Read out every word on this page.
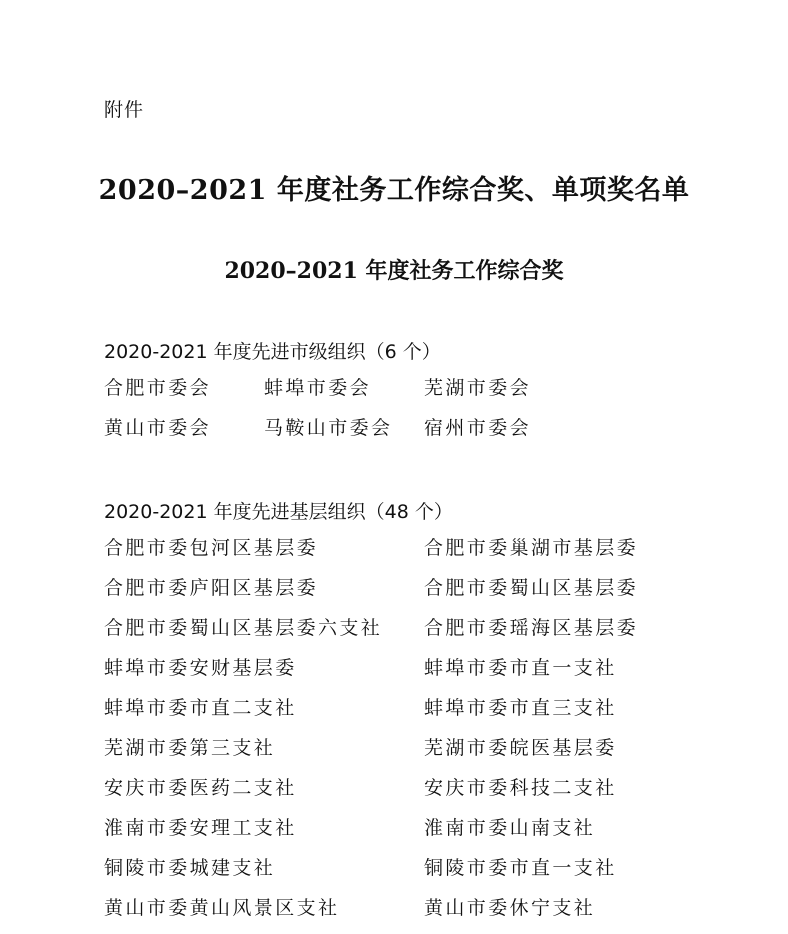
附件
2020–2021 年度社务工作综合奖、单项奖名单
2020–2021 年度社务工作综合奖
2020-2021 年度先进市级组织（6 个）
合肥市委会	蚌埠市委会	芜湖市委会
黄山市委会	马鞍山市委会	宿州市委会
2020-2021 年度先进基层组织（48 个）
合肥市委包河区基层委	合肥市委巢湖市基层委
合肥市委庐阳区基层委	合肥市委蜀山区基层委
合肥市委蜀山区基层委六支社	合肥市委瑶海区基层委
蚌埠市委安财基层委	蚌埠市委市直一支社
蚌埠市委市直二支社	蚌埠市委市直三支社
芜湖市委第三支社	芜湖市委皖医基层委
安庆市委医药二支社	安庆市委科技二支社
淮南市委安理工支社	淮南市委山南支社
铜陵市委城建支社	铜陵市委市直一支社
黄山市委黄山风景区支社	黄山市委休宁支社
